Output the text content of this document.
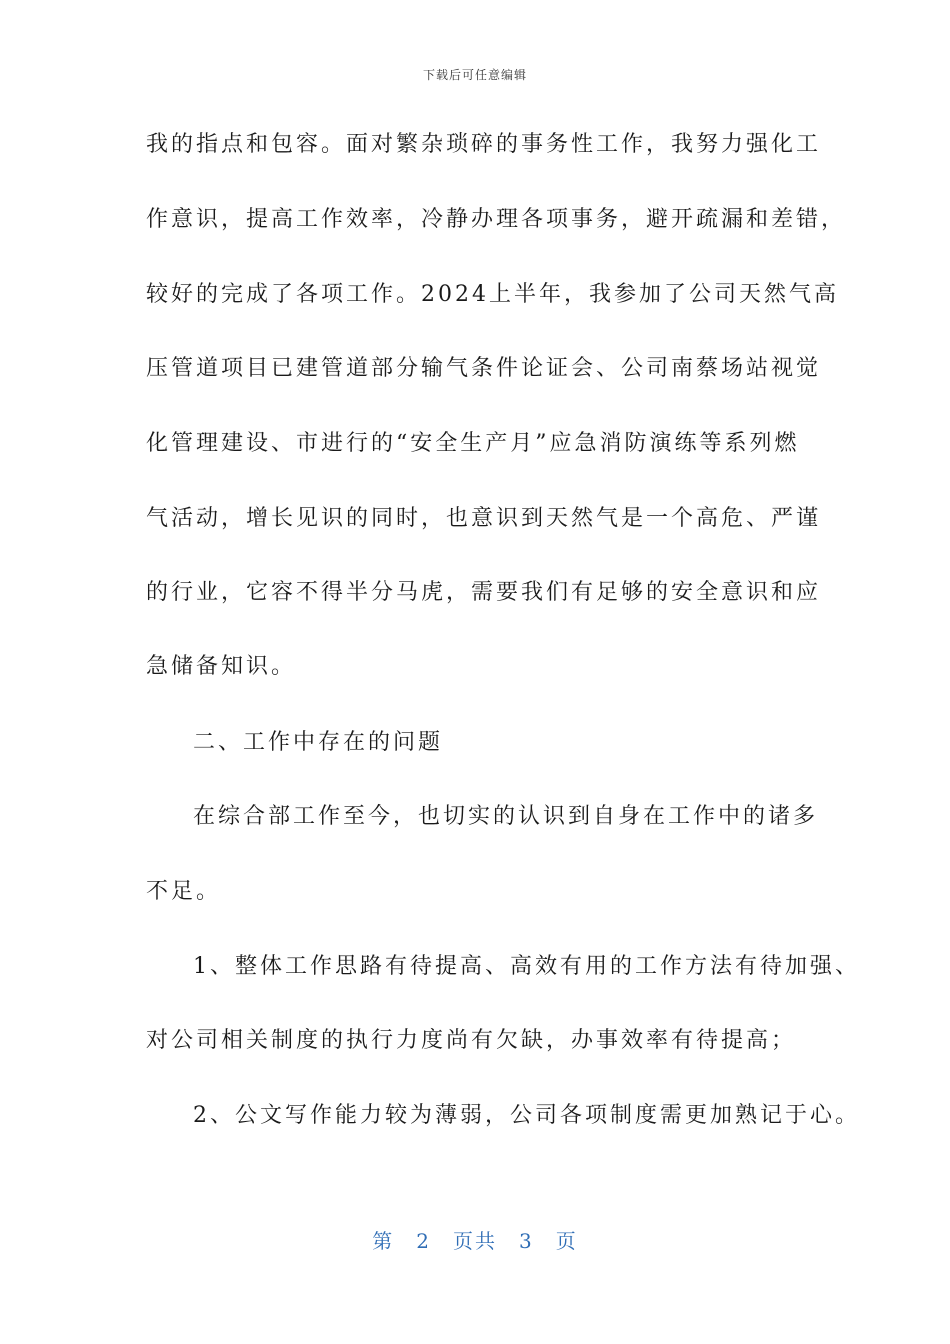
下载后可任意编辑
我的指点和包容。面对繁杂琐碎的事务性工作，我努力强化工
作意识，提高工作效率，冷静办理各项事务，避开疏漏和差错，
较好的完成了各项工作。2024上半年，我参加了公司天然气高
压管道项目已建管道部分输气条件论证会、公司南蔡场站视觉
化管理建设、市进行的“安全生产月”应急消防演练等系列燃
气活动，增长见识的同时，也意识到天然气是一个高危、严谨
的行业，它容不得半分马虎，需要我们有足够的安全意识和应
急储备知识。
二、工作中存在的问题
在综合部工作至今，也切实的认识到自身在工作中的诸多
不足。
1、整体工作思路有待提高、高效有用的工作方法有待加强、
对公司相关制度的执行力度尚有欠缺，办事效率有待提高；
2、公文写作能力较为薄弱，公司各项制度需更加熟记于心。
第 2 页共 3 页
